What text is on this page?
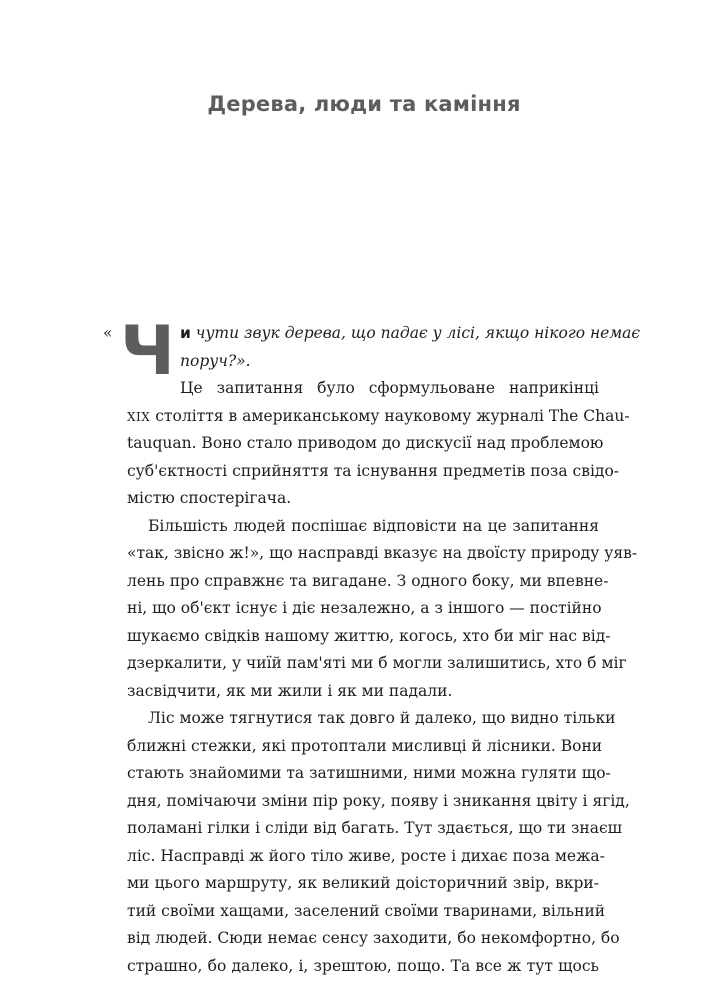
Дерева, люди та каміння
« Ч и чути звук дерева, що падає у лісі, якщо нікого немає
поруч?».
Це запитання було сформульоване наприкінці
XIX століття в американському науковому журналі The Chau-
tauquan. Воно стало приводом до дискусії над проблемою
суб'єктності сприйняття та існування предметів поза свідо-
містю спостерігача.
Більшість людей поспішає відповісти на це запитання
«так, звісно ж!», що насправді вказує на двоїсту природу уяв-
лень про справжнє та вигадане. З одного боку, ми впевне-
ні, що об'єкт існує і діє незалежно, а з іншого — постійно
шукаємо свідків нашому життю, когось, хто би міг нас від-
дзеркалити, у чиїй пам'яті ми б могли залишитись, хто б міг
засвідчити, як ми жили і як ми падали.
Ліс може тягнутися так довго й далеко, що видно тільки
ближні стежки, які протоптали мисливці й лісники. Вони
стають знайомими та затишними, ними можна гуляти що-
дня, помічаючи зміни пір року, появу і зникання цвіту і ягід,
поламані гілки і сліди від багать. Тут здається, що ти знаєш
ліс. Насправді ж його тіло живе, росте і дихає поза межа-
ми цього маршруту, як великий доісторичний звір, вкри-
тий своїми хащами, заселений своїми тваринами, вільний
від людей. Сюди немає сенсу заходити, бо некомфортно, бо
страшно, бо далеко, і, зрештою, пощо. Та все ж тут щось
